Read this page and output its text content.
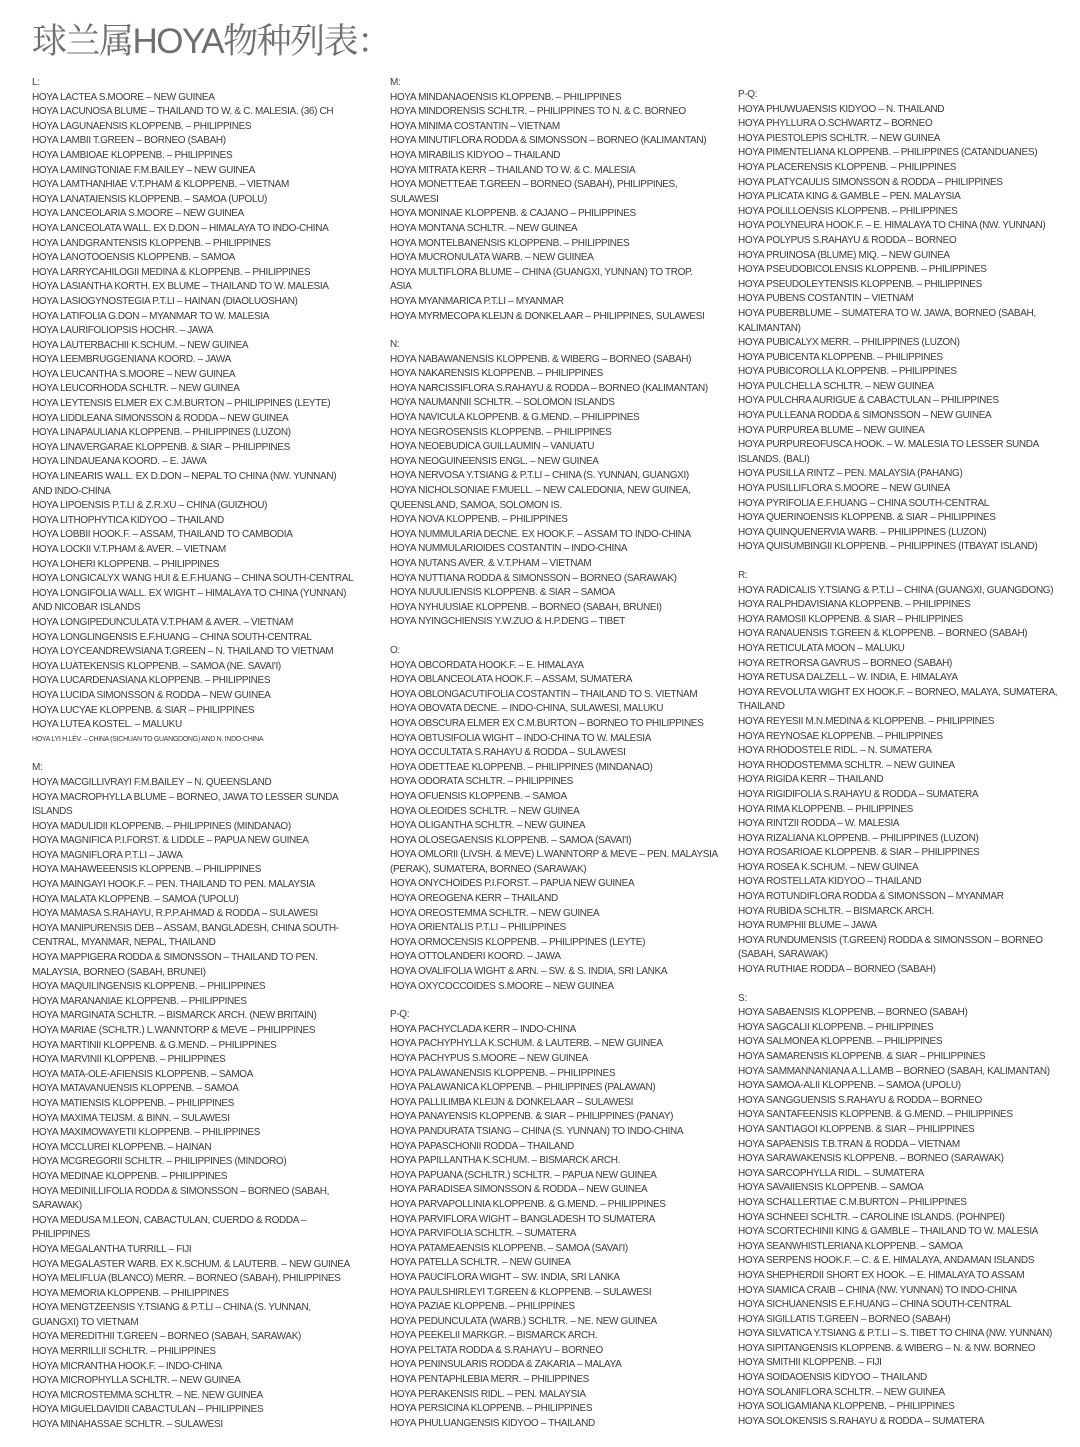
球兰属HOYA物种列表：
L:
HOYA LACTEA S.MOORE – NEW GUINEA
HOYA LACUNOSA BLUME – THAILAND TO W. & C. MALESIA. (36) CH
HOYA LAGUNAENSIS KLOPPENB. – PHILIPPINES
HOYA LAMBII T.GREEN – BORNEO (SABAH)
HOYA LAMBIOAE KLOPPENB. – PHILIPPINES
HOYA LAMINGTONIAE F.M.BAILEY – NEW GUINEA
HOYA LAMTHANHIAE V.T.PHAM & KLOPPENB. – VIETNAM
HOYA LANATAIENSIS KLOPPENB. – SAMOA (UPOLU)
HOYA LANCEOLARIA S.MOORE – NEW GUINEA
HOYA LANCEOLATA WALL. EX D.DON – HIMALAYA TO INDO-CHINA
HOYA LANDGRANTENSIS KLOPPENB. – PHILIPPINES
HOYA LANOTOOENSIS KLOPPENB. – SAMOA
HOYA LARRYCAHILOGII MEDINA & KLOPPENB. – PHILIPPINES
HOYA LASIANTHA KORTH. EX BLUME – THAILAND TO W. MALESIA
HOYA LASIOGYNOSTEGIA P.T.LI – HAINAN (DIAOLUOSHAN)
HOYA LATIFOLIA G.DON – MYANMAR TO W. MALESIA
HOYA LAURIFOLIOPSIS HOCHR. – JAWA
HOYA LAUTERBACHII K.SCHUM. – NEW GUINEA
HOYA LEEMBRUGGENIANA KOORD. – JAWA
HOYA LEUCANTHA S.MOORE – NEW GUINEA
HOYA LEUCORHODA SCHLTR. – NEW GUINEA
HOYA LEYTENSIS ELMER EX C.M.BURTON – PHILIPPINES (LEYTE)
HOYA LIDDLEANA SIMONSSON & RODDA – NEW GUINEA
HOYA LINAPAULIANA KLOPPENB. – PHILIPPINES (LUZON)
HOYA LINAVERGARAE KLOPPENB. & SIAR – PHILIPPINES
HOYA LINDAUEANA KOORD. – E. JAWA
HOYA LINEARIS WALL. EX D.DON – NEPAL TO CHINA (NW. YUNNAN)
AND INDO-CHINA
HOYA LIPOENSIS P.T.LI & Z.R.XU – CHINA (GUIZHOU)
HOYA LITHOPHYTICA KIDYOO – THAILAND
HOYA LOBBII HOOK.F. – ASSAM, THAILAND TO CAMBODIA
HOYA LOCKII V.T.PHAM & AVER. – VIETNAM
HOYA LOHERI KLOPPENB. – PHILIPPINES
HOYA LONGICALYX WANG HUI & E.F.HUANG – CHINA SOUTH-CENTRAL
HOYA LONGIFOLIA WALL. EX WIGHT – HIMALAYA TO CHINA (YUNNAN)
AND NICOBAR ISLANDS
HOYA LONGIPEDUNCULATA V.T.PHAM & AVER. – VIETNAM
HOYA LONGLINGENSIS E.F.HUANG – CHINA SOUTH-CENTRAL
HOYA LOYCEANDREWSIANA T.GREEN – N. THAILAND TO VIETNAM
HOYA LUATEKENSIS KLOPPENB. – SAMOA (NE. SAVAI'I)
HOYA LUCARDENASIANA KLOPPENB. – PHILIPPINES
HOYA LUCIDA SIMONSSON & RODDA – NEW GUINEA
HOYA LUCYAE KLOPPENB. & SIAR – PHILIPPINES
HOYA LUTEA KOSTEL. – MALUKU
HOYA LYI H.LÉV. – CHINA (SICHUAN TO GUANGDONG) AND N. INDO-CHINA
M:
HOYA MACGILLIVRAYI F.M.BAILEY – N. QUEENSLAND
HOYA MACROPHYLLA BLUME – BORNEO, JAWA TO LESSER SUNDA
ISLANDS
HOYA MADULIDII KLOPPENB. – PHILIPPINES (MINDANAO)
HOYA MAGNIFICA P.I.FORST. & LIDDLE – PAPUA NEW GUINEA
HOYA MAGNIFLORA P.T.LI – JAWA
HOYA MAHAWEEENSIS KLOPPENB. – PHILIPPINES
HOYA MAINGAYI HOOK.F. – PEN. THAILAND TO PEN. MALAYSIA
HOYA MALATA KLOPPENB. – SAMOA ('UPOLU)
HOYA MAMASA S.RAHAYU, R.P.P.AHMAD & RODDA – SULAWESI
HOYA MANIPURENSIS DEB – ASSAM, BANGLADESH, CHINA SOUTH-
CENTRAL, MYANMAR, NEPAL, THAILAND
HOYA MAPPIGERA RODDA & SIMONSSON – THAILAND TO PEN.
MALAYSIA, BORNEO (SABAH, BRUNEI)
HOYA MAQUILINGENSIS KLOPPENB. – PHILIPPINES
HOYA MARANANIAE KLOPPENB. – PHILIPPINES
HOYA MARGINATA SCHLTR. – BISMARCK ARCH. (NEW BRITAIN)
HOYA MARIAE (SCHLTR.) L.WANNTORP & MEVE – PHILIPPINES
HOYA MARTINII KLOPPENB. & G.MEND. – PHILIPPINES
HOYA MARVINII KLOPPENB. – PHILIPPINES
HOYA MATA-OLE-AFIENSIS KLOPPENB. – SAMOA
HOYA MATAVANUENSIS KLOPPENB. – SAMOA
HOYA MATIENSIS KLOPPENB. – PHILIPPINES
HOYA MAXIMA TEIJSM. & BINN. – SULAWESI
HOYA MAXIMOWAYETII KLOPPENB. – PHILIPPINES
HOYA MCCLUREI KLOPPENB. – HAINAN
HOYA MCGREGORII SCHLTR. – PHILIPPINES (MINDORO)
HOYA MEDINAE KLOPPENB. – PHILIPPINES
HOYA MEDINILLIFOLIA RODDA & SIMONSSON – BORNEO (SABAH,
SARAWAK)
HOYA MEDUSA M.LEON, CABACTULAN, CUERDO & RODDA –
PHILIPPINES
HOYA MEGALANTHA TURRILL – FIJI
HOYA MEGALASTER WARB. EX K.SCHUM. & LAUTERB. – NEW GUINEA
HOYA MELIFLUA (BLANCO) MERR. – BORNEO (SABAH), PHILIPPINES
HOYA MEMORIA KLOPPENB. – PHILIPPINES
HOYA MENGTZEENSIS Y.TSIANG & P.T.LI – CHINA (S. YUNNAN,
GUANGXI) TO VIETNAM
HOYA MEREDITHII T.GREEN – BORNEO (SABAH, SARAWAK)
HOYA MERRILLII SCHLTR. – PHILIPPINES
HOYA MICRANTHA HOOK.F. – INDO-CHINA
HOYA MICROPHYLLA SCHLTR. – NEW GUINEA
HOYA MICROSTEMMA SCHLTR. – NE. NEW GUINEA
HOYA MIGUELDAVIDII CABACTULAN – PHILIPPINES
HOYA MINAHASSAE SCHLTR. – SULAWESI
M:
HOYA MINDANAOENSIS KLOPPENB. – PHILIPPINES
HOYA MINDORENSIS SCHLTR. – PHILIPPINES TO N. & C. BORNEO
HOYA MINIMA COSTANTIN – VIETNAM
HOYA MINUTIFLORA RODDA & SIMONSSON – BORNEO (KALIMANTAN)
HOYA MIRABILIS KIDYOO – THAILAND
HOYA MITRATA KERR – THAILAND TO W. & C. MALESIA
HOYA MONETTEAE T.GREEN – BORNEO (SABAH), PHILIPPINES,
SULAWESI
HOYA MONINAE KLOPPENB. & CAJANO – PHILIPPINES
HOYA MONTANA SCHLTR. – NEW GUINEA
HOYA MONTELBANENSIS KLOPPENB. – PHILIPPINES
HOYA MUCRONULATA WARB. – NEW GUINEA
HOYA MULTIFLORA BLUME – CHINA (GUANGXI, YUNNAN) TO TROP.
ASIA
HOYA MYANMARICA P.T.LI – MYANMAR
HOYA MYRMECOPA KLEIJN & DONKELAAR – PHILIPPINES, SULAWESI
N:
HOYA NABAWANENSIS KLOPPENB. & WIBERG – BORNEO (SABAH)
HOYA NAKARENSIS KLOPPENB. – PHILIPPINES
HOYA NARCISSIFLORA S.RAHAYU & RODDA – BORNEO (KALIMANTAN)
HOYA NAUMANNII SCHLTR. – SOLOMON ISLANDS
HOYA NAVICULA KLOPPENB. & G.MEND. – PHILIPPINES
HOYA NEGROSENSIS KLOPPENB. – PHILIPPINES
HOYA NEOEBUDICA GUILLAUMIN – VANUATU
HOYA NEOGUINEENSIS ENGL. – NEW GUINEA
HOYA NERVOSA Y.TSIANG & P.T.LI – CHINA (S. YUNNAN, GUANGXI)
HOYA NICHOLSONIAE F.MUELL. – NEW CALEDONIA, NEW GUINEA,
QUEENSLAND, SAMOA, SOLOMON IS.
HOYA NOVA KLOPPENB. – PHILIPPINES
HOYA NUMMULARIA DECNE. EX HOOK.F. – ASSAM TO INDO-CHINA
HOYA NUMMULARIOIDES COSTANTIN – INDO-CHINA
HOYA NUTANS AVER. & V.T.PHAM – VIETNAM
HOYA NUTTIANA RODDA & SIMONSSON – BORNEO (SARAWAK)
HOYA NUUULIENSIS KLOPPENB. & SIAR – SAMOA
HOYA NYHUUSIAE KLOPPENB. – BORNEO (SABAH, BRUNEI)
HOYA NYINGCHIENSIS Y.W.ZUO & H.P.DENG – TIBET
O:
HOYA OBCORDATA HOOK.F. – E. HIMALAYA
HOYA OBLANCEOLATA HOOK.F. – ASSAM, SUMATERA
HOYA OBLONGACUTIFOLIA COSTANTIN – THAILAND TO S. VIETNAM
HOYA OBOVATA DECNE. – INDO-CHINA, SULAWESI, MALUKU
HOYA OBSCURA ELMER EX C.M.BURTON – BORNEO TO PHILIPPINES
HOYA OBTUSIFOLIA WIGHT – INDO-CHINA TO W. MALESIA
HOYA OCCULTATA S.RAHAYU & RODDA – SULAWESI
HOYA ODETTEAE KLOPPENB. – PHILIPPINES (MINDANAO)
HOYA ODORATA SCHLTR. – PHILIPPINES
HOYA OFUENSIS KLOPPENB. – SAMOA
HOYA OLEOIDES SCHLTR. – NEW GUINEA
HOYA OLIGANTHA SCHLTR. – NEW GUINEA
HOYA OLOSEGAENSIS KLOPPENB. – SAMOA (SAVAI'I)
HOYA OMLORII (LIVSH. & MEVE) L.WANNTORP & MEVE – PEN. MALAYSIA
(PERAK), SUMATERA, BORNEO (SARAWAK)
HOYA ONYCHOIDES P.I.FORST. – PAPUA NEW GUINEA
HOYA OREOGENA KERR – THAILAND
HOYA OREOSTEMMA SCHLTR. – NEW GUINEA
HOYA ORIENTALIS P.T.LI – PHILIPPINES
HOYA ORMOCENSIS KLOPPENB. – PHILIPPINES (LEYTE)
HOYA OTTOLANDERI KOORD. – JAWA
HOYA OVALIFOLIA WIGHT & ARN. – SW. & S. INDIA, SRI LANKA
HOYA OXYCOCCOIDES S.MOORE – NEW GUINEA
P-Q:
HOYA PACHYCLADA KERR – INDO-CHINA
HOYA PACHYPHYLLA K.SCHUM. & LAUTERB. – NEW GUINEA
HOYA PACHYPUS S.MOORE – NEW GUINEA
HOYA PALAWANENSIS KLOPPENB. – PHILIPPINES
HOYA PALAWANICA KLOPPENB. – PHILIPPINES (PALAWAN)
HOYA PALLILIMBA KLEIJN & DONKELAAR – SULAWESI
HOYA PANAYENSIS KLOPPENB. & SIAR – PHILIPPINES (PANAY)
HOYA PANDURATA TSIANG – CHINA (S. YUNNAN) TO INDO-CHINA
HOYA PAPASCHONII RODDA – THAILAND
HOYA PAPILLANTHA K.SCHUM. – BISMARCK ARCH.
HOYA PAPUANA (SCHLTR.) SCHLTR. – PAPUA NEW GUINEA
HOYA PARADISEA SIMONSSON & RODDA – NEW GUINEA
HOYA PARVAPOLLINIA KLOPPENB. & G.MEND. – PHILIPPINES
HOYA PARVIFLORA WIGHT – BANGLADESH TO SUMATERA
HOYA PARVIFOLIA SCHLTR. – SUMATERA
HOYA PATAMEAENSIS KLOPPENB. – SAMOA (SAVAI'I)
HOYA PATELLA SCHLTR. – NEW GUINEA
HOYA PAUCIFLORA WIGHT – SW. INDIA, SRI LANKA
HOYA PAULSHIRLEYI T.GREEN & KLOPPENB. – SULAWESI
HOYA PAZIAE KLOPPENB. – PHILIPPINES
HOYA PEDUNCULATA (WARB.) SCHLTR. – NE. NEW GUINEA
HOYA PEEKELII MARKGR. – BISMARCK ARCH.
HOYA PELTATA RODDA & S.RAHAYU – BORNEO
HOYA PENINSULARIS RODDA & ZAKARIA – MALAYA
HOYA PENTAPHLEBIA MERR. – PHILIPPINES
HOYA PERAKENSIS RIDL. – PEN. MALAYSIA
HOYA PERSICINA KLOPPENB. – PHILIPPINES
HOYA PHULUANGENSIS KIDYOO – THAILAND
P-Q:
HOYA PHUWUAENSIS KIDYOO – N. THAILAND
HOYA PHYLLURA O.SCHWARTZ – BORNEO
HOYA PIESTOLEPIS SCHLTR. – NEW GUINEA
HOYA PIMENTELIANA KLOPPENB. – PHILIPPINES (CATANDUANES)
HOYA PLACERENSIS KLOPPENB. – PHILIPPINES
HOYA PLATYCAULIS SIMONSSON & RODDA – PHILIPPINES
HOYA PLICATA KING & GAMBLE – PEN. MALAYSIA
HOYA POLILLOENSIS KLOPPENB. – PHILIPPINES
HOYA POLYNEURA HOOK.F. – E. HIMALAYA TO CHINA (NW. YUNNAN)
HOYA POLYPUS S.RAHAYU & RODDA – BORNEO
HOYA PRUINOSA (BLUME) MIQ. – NEW GUINEA
HOYA PSEUDOBICOLENSIS KLOPPENB. – PHILIPPINES
HOYA PSEUDOLEYTENSIS KLOPPENB. – PHILIPPINES
HOYA PUBENS COSTANTIN – VIETNAM
HOYA PUBERBLUME – SUMATERA TO W. JAWA, BORNEO (SABAH,
KALIMANTAN)
HOYA PUBICALYX MERR. – PHILIPPINES (LUZON)
HOYA PUBICENTA KLOPPENB. – PHILIPPINES
HOYA PUBICOROLLA KLOPPENB. – PHILIPPINES
HOYA PULCHELLA SCHLTR. – NEW GUINEA
HOYA PULCHRA AURIGUE & CABACTULAN – PHILIPPINES
HOYA PULLEANA RODDA & SIMONSSON – NEW GUINEA
HOYA PURPUREA BLUME – NEW GUINEA
HOYA PURPUREOFUSCA HOOK. – W. MALESIA TO LESSER SUNDA
ISLANDS. (BALI)
HOYA PUSILLA RINTZ – PEN. MALAYSIA (PAHANG)
HOYA PUSILLIFLORA S.MOORE – NEW GUINEA
HOYA PYRIFOLIA E.F.HUANG – CHINA SOUTH-CENTRAL
HOYA QUERINOENSIS KLOPPENB. & SIAR – PHILIPPINES
HOYA QUINQUENERVIA WARB. – PHILIPPINES (LUZON)
HOYA QUISUMBINGII KLOPPENB. – PHILIPPINES (ITBAYAT ISLAND)
R:
HOYA RADICALIS Y.TSIANG & P.T.LI – CHINA (GUANGXI, GUANGDONG)
HOYA RALPHDAVISIANA KLOPPENB. – PHILIPPINES
HOYA RAMOSII KLOPPENB. & SIAR – PHILIPPINES
HOYA RANAUENSIS T.GREEN & KLOPPENB. – BORNEO (SABAH)
HOYA RETICULATA MOON – MALUKU
HOYA RETRORSA GAVRUS – BORNEO (SABAH)
HOYA RETUSA DALZELL – W. INDIA, E. HIMALAYA
HOYA REVOLUTA WIGHT EX HOOK.F. – BORNEO, MALAYA, SUMATERA,
THAILAND
HOYA REYESII M.N.MEDINA & KLOPPENB. – PHILIPPINES
HOYA REYNOSAE KLOPPENB. – PHILIPPINES
HOYA RHODOSTELE RIDL. – N. SUMATERA
HOYA RHODOSTEMMA SCHLTR. – NEW GUINEA
HOYA RIGIDA KERR – THAILAND
HOYA RIGIDIFOLIA S.RAHAYU & RODDA – SUMATERA
HOYA RIMA KLOPPENB. – PHILIPPINES
HOYA RINTZII RODDA – W. MALESIA
HOYA RIZALIANA KLOPPENB. – PHILIPPINES (LUZON)
HOYA ROSARIOAE KLOPPENB. & SIAR – PHILIPPINES
HOYA ROSEA K.SCHUM. – NEW GUINEA
HOYA ROSTELLATA KIDYOO – THAILAND
HOYA ROTUNDIFLORA RODDA & SIMONSSON – MYANMAR
HOYA RUBIDA SCHLTR. – BISMARCK ARCH.
HOYA RUMPHII BLUME – JAWA
HOYA RUNDUMENSIS (T.GREEN) RODDA & SIMONSSON – BORNEO
(SABAH, SARAWAK)
HOYA RUTHIAE RODDA – BORNEO (SABAH)
S:
HOYA SABAENSIS KLOPPENB. – BORNEO (SABAH)
HOYA SAGCALII KLOPPENB. – PHILIPPINES
HOYA SALMONEA KLOPPENB. – PHILIPPINES
HOYA SAMARENSIS KLOPPENB. & SIAR – PHILIPPINES
HOYA SAMMANNANIANA A.L.LAMB – BORNEO (SABAH, KALIMANTAN)
HOYA SAMOA-ALII KLOPPENB. – SAMOA (UPOLU)
HOYA SANGGUENSIS S.RAHAYU & RODDA – BORNEO
HOYA SANTAFEENSIS KLOPPENB. & G.MEND. – PHILIPPINES
HOYA SANTIAGOI KLOPPENB. & SIAR – PHILIPPINES
HOYA SAPAENSIS T.B.TRAN & RODDA – VIETNAM
HOYA SARAWAKENSIS KLOPPENB. – BORNEO (SARAWAK)
HOYA SARCOPHYLLA RIDL. – SUMATERA
HOYA SAVAIIENSIS KLOPPENB. – SAMOA
HOYA SCHALLERTIAE C.M.BURTON – PHILIPPINES
HOYA SCHNEEI SCHLTR. – CAROLINE ISLANDS. (POHNPEI)
HOYA SCORTECHINII KING & GAMBLE – THAILAND TO W. MALESIA
HOYA SEANWHISTLERIANA KLOPPENB. – SAMOA
HOYA SERPENS HOOK.F. – C. & E. HIMALAYA, ANDAMAN ISLANDS
HOYA SHEPHERDII SHORT EX HOOK. – E. HIMALAYA TO ASSAM
HOYA SIAMICA CRAIB – CHINA (NW. YUNNAN) TO INDO-CHINA
HOYA SICHUANENSIS E.F.HUANG – CHINA SOUTH-CENTRAL
HOYA SIGILLATIS T.GREEN – BORNEO (SABAH)
HOYA SILVATICA Y.TSIANG & P.T.LI – S. TIBET TO CHINA (NW. YUNNAN)
HOYA SIPITANGENSIS KLOPPENB. & WIBERG – N. & NW. BORNEO
HOYA SMITHII KLOPPENB. – FIJI
HOYA SOIDAOENSIS KIDYOO – THAILAND
HOYA SOLANIFLORA SCHLTR. – NEW GUINEA
HOYA SOLIGAMIANA KLOPPENB. – PHILIPPINES
HOYA SOLOKENSIS S.RAHAYU & RODDA – SUMATERA
